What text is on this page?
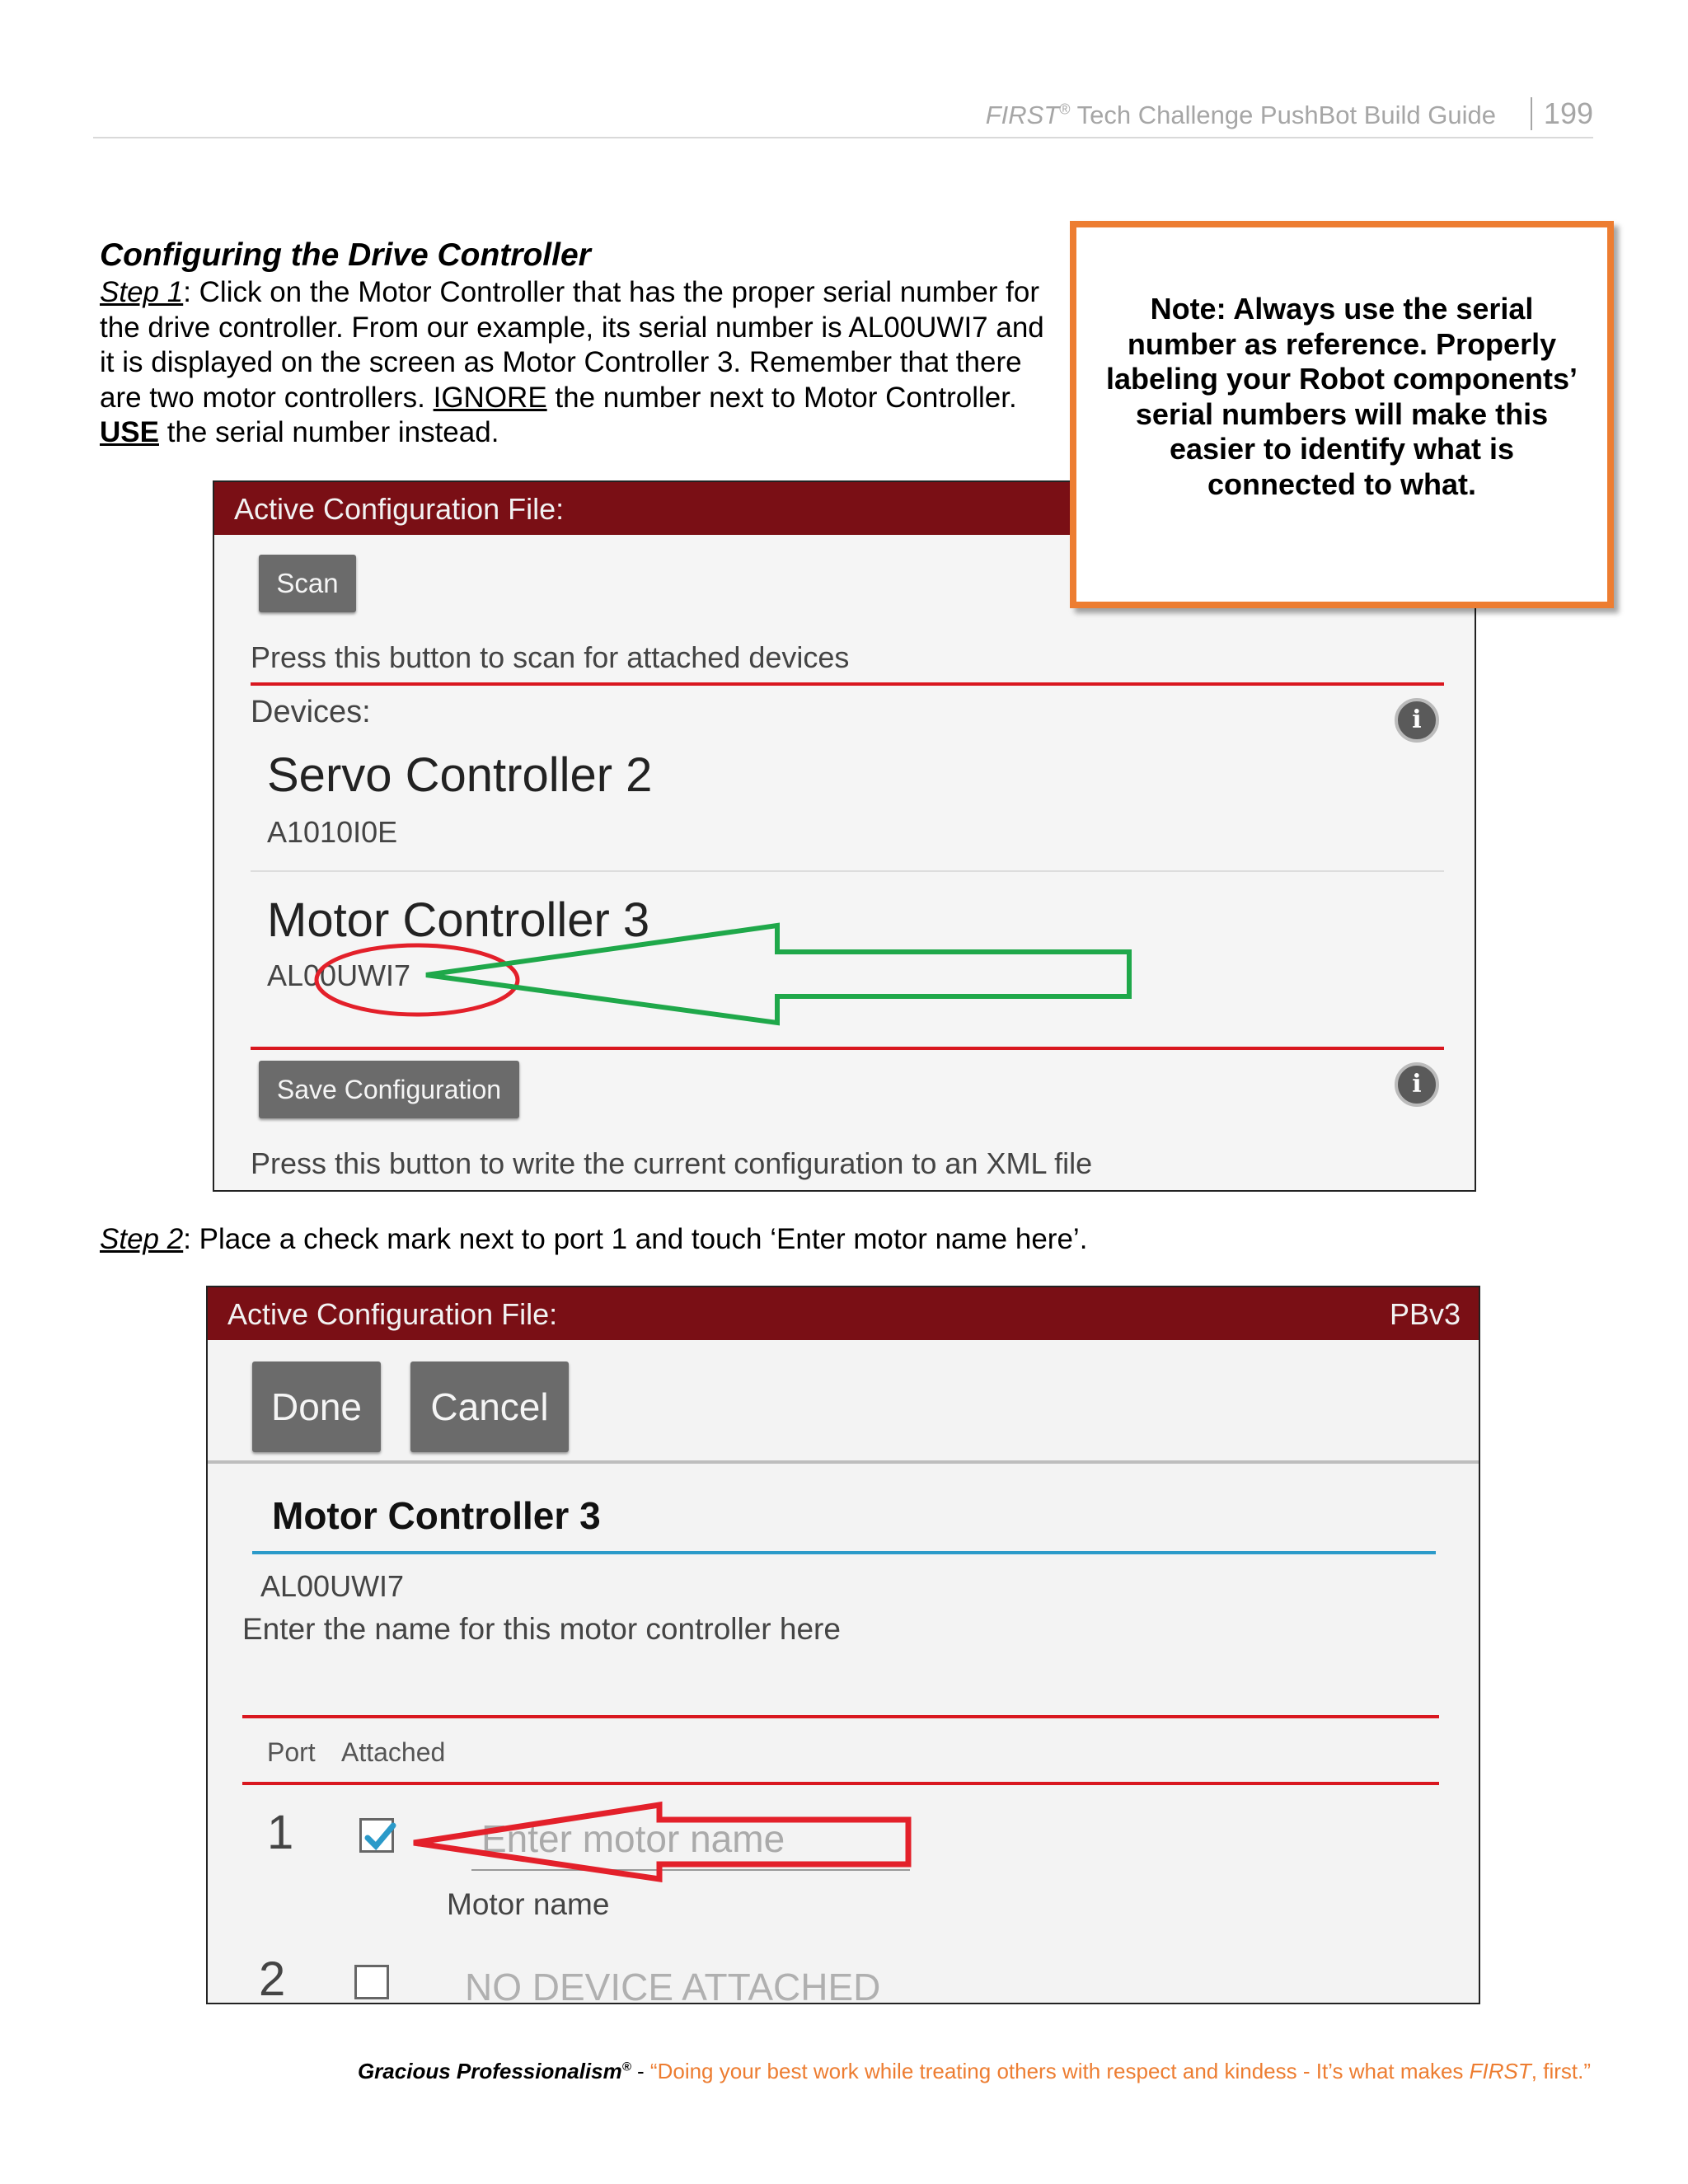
FIRST® Tech Challenge PushBot Build Guide	199
Configuring the Drive Controller
Step 1: Click on the Motor Controller that has the proper serial number for the drive controller. From our example, its serial number is AL00UWI7 and it is displayed on the screen as Motor Controller 3. Remember that there are two motor controllers. IGNORE the number next to Motor Controller. USE the serial number instead.
Note: Always use the serial number as reference. Properly labeling your Robot components’ serial numbers will make this easier to identify what is connected to what.
Active Configuration File:
Scan
Press this button to scan for attached devices
Devices:	i
Servo Controller 2
A1010I0E
Motor Controller 3
AL00UWI7
Save Configuration	i
Press this button to write the current configuration to an XML file
Step 2: Place a check mark next to port 1 and touch ‘Enter motor name here’.
Active Configuration File:	PBv3
Done	Cancel
Motor Controller 3
AL00UWI7
Enter the name for this motor controller here
Port Attached
1	Enter motor name
Motor name
2	NO DEVICE ATTACHED
Gracious Professionalism® - “Doing your best work while treating others with respect and kindess - It’s what makes FIRST, first.”
